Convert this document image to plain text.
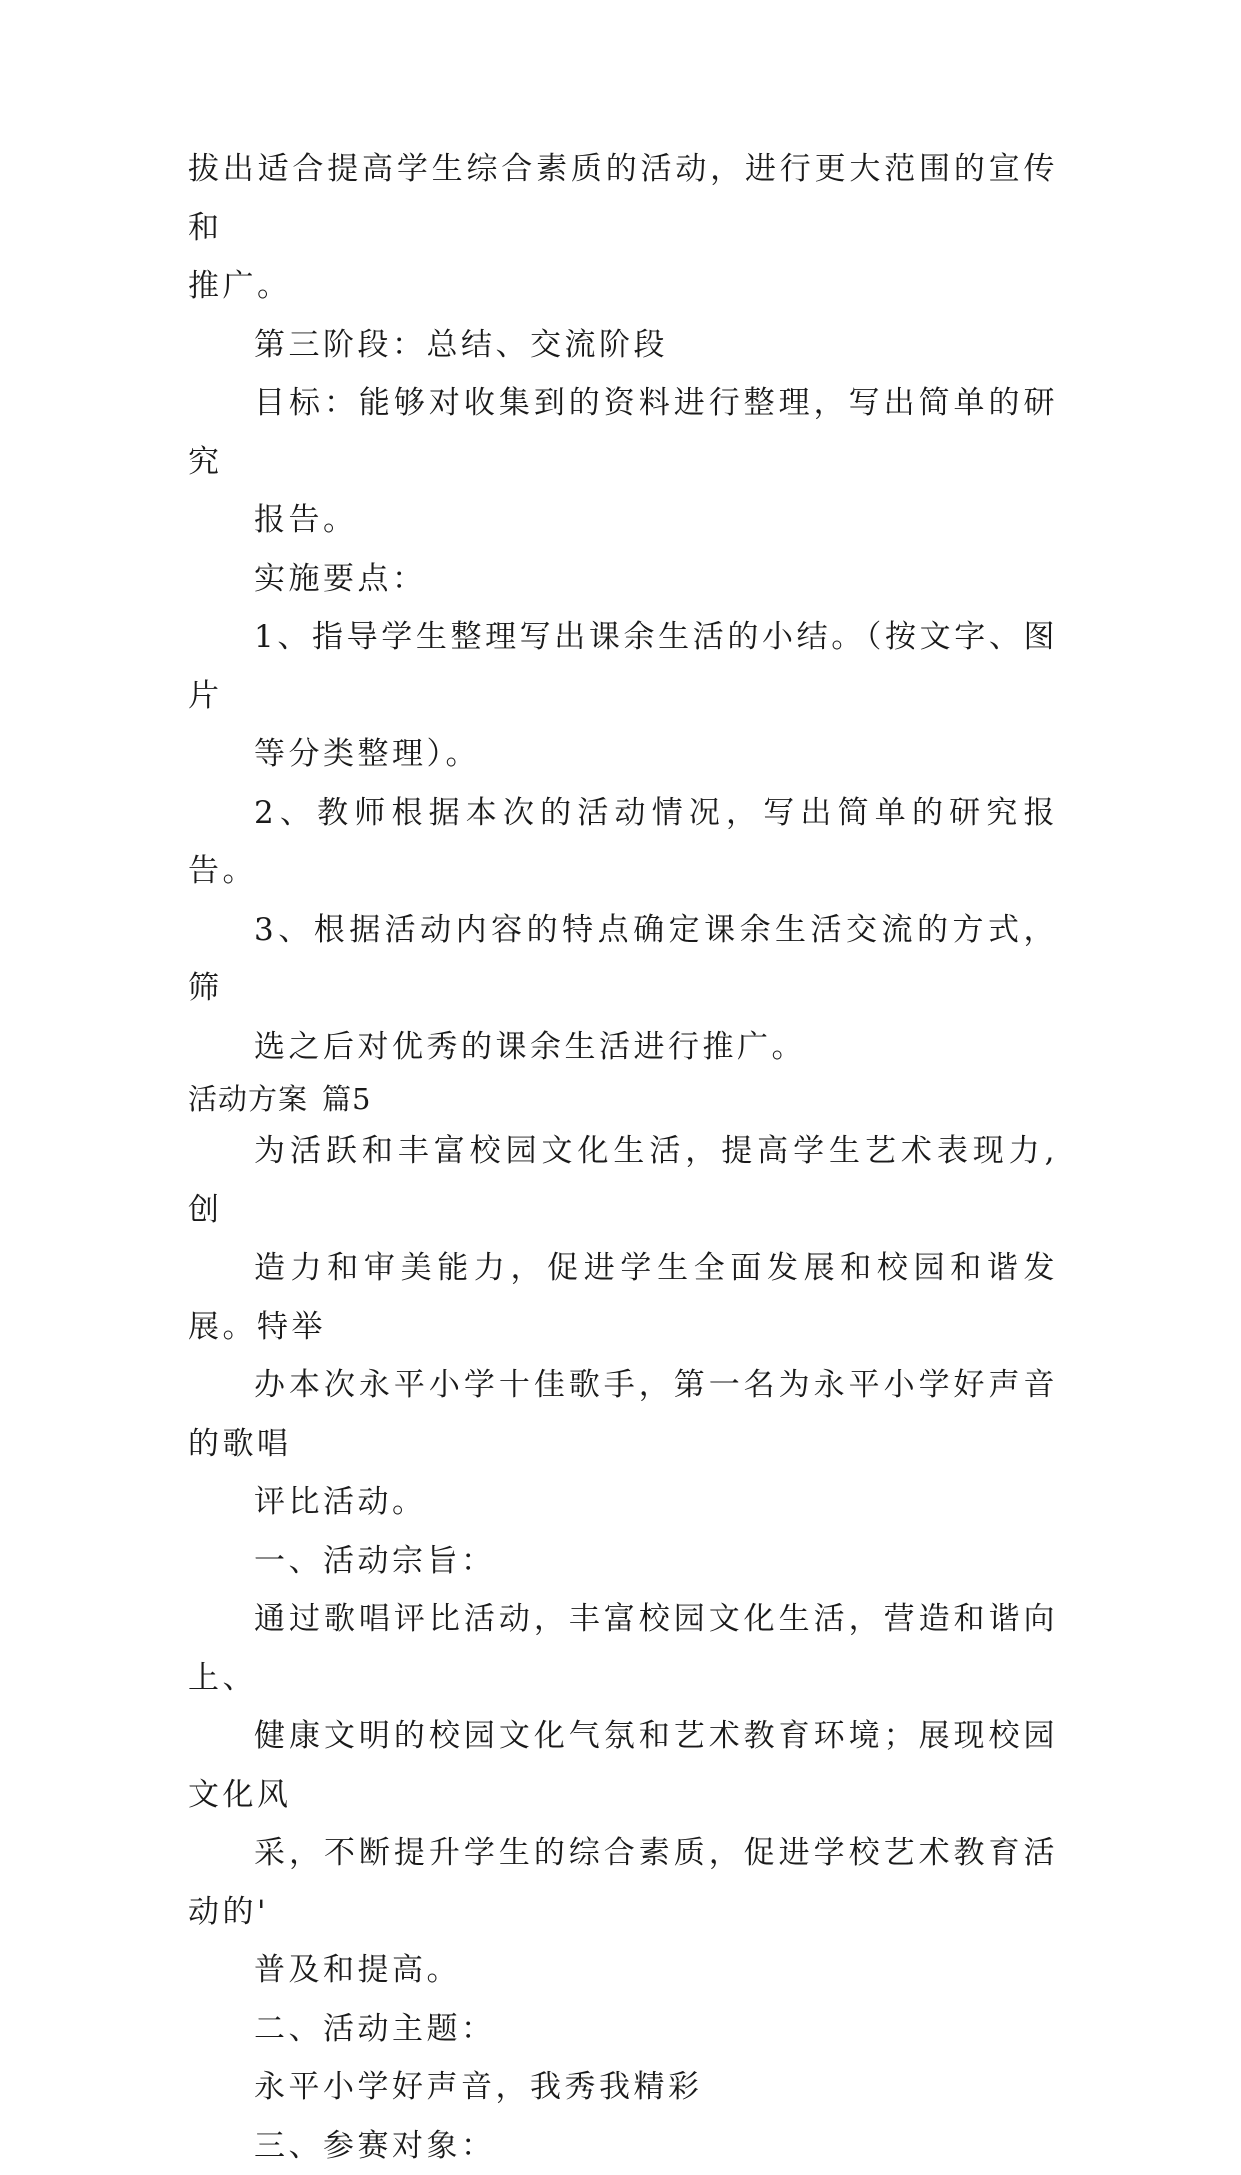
拔出适合提高学生综合素质的活动，进行更大范围的宣传和
推广。

第三阶段：总结、交流阶段

目标：能够对收集到的资料进行整理，写出简单的研究
报告。

实施要点：

1、指导学生整理写出课余生活的小结。（按文字、图片
等分类整理）。

2、教师根据本次的活动情况，写出简单的研究报告。

3、根据活动内容的特点确定课余生活交流的方式，筛
选之后对优秀的课余生活进行推广。

活动方案 篇5

为活跃和丰富校园文化生活，提高学生艺术表现力,创
造力和审美能力，促进学生全面发展和校园和谐发展。特举
办本次永平小学十佳歌手，第一名为永平小学好声音的歌唱
评比活动。

一、活动宗旨：

通过歌唱评比活动，丰富校园文化生活，营造和谐向上、
健康文明的校园文化气氛和艺术教育环境；展现校园文化风
采，不断提升学生的综合素质，促进学校艺术教育活动的'
普及和提高。

二、活动主题：

永平小学好声音，我秀我精彩

三、参赛对象：
